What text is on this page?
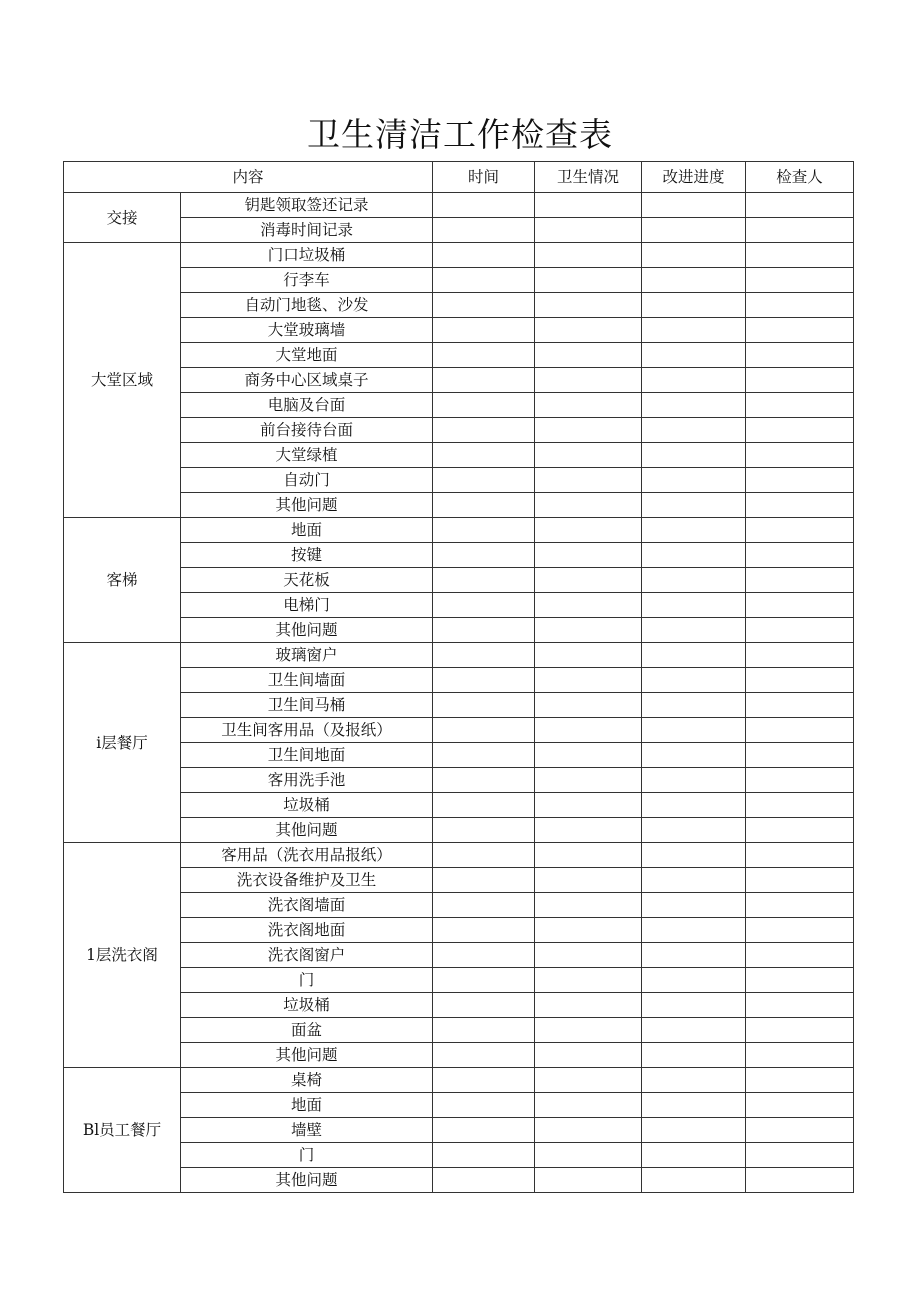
卫生清洁工作检查表
内容		时间	卫生情况	改进进度	检查人
交接	钥匙领取签还记录				
	消毒时间记录				
大堂区域	门口垃圾桶				
	行李车				
	自动门地毯、沙发				
	大堂玻璃墙				
	大堂地面				
	商务中心区域桌子				
	电脑及台面				
	前台接待台面				
	大堂绿植				
	自动门				
	其他问题				
客梯	地面				
	按键				
	天花板				
	电梯门				
	其他问题				
i层餐厅	玻璃窗户				
	卫生间墙面				
	卫生间马桶				
	卫生间客用品（及报纸）				
	卫生间地面				
	客用洗手池				
	垃圾桶				
	其他问题				
1层洗衣阁	客用品（洗衣用品报纸）				
	洗衣设备维护及卫生				
	洗衣阁墙面				
	洗衣阁地面				
	洗衣阁窗户				
	门				
	垃圾桶				
	面盆				
	其他问题				
Bl员工餐厅	桌椅				
	地面				
	墙壁				
	门				
	其他问题				
